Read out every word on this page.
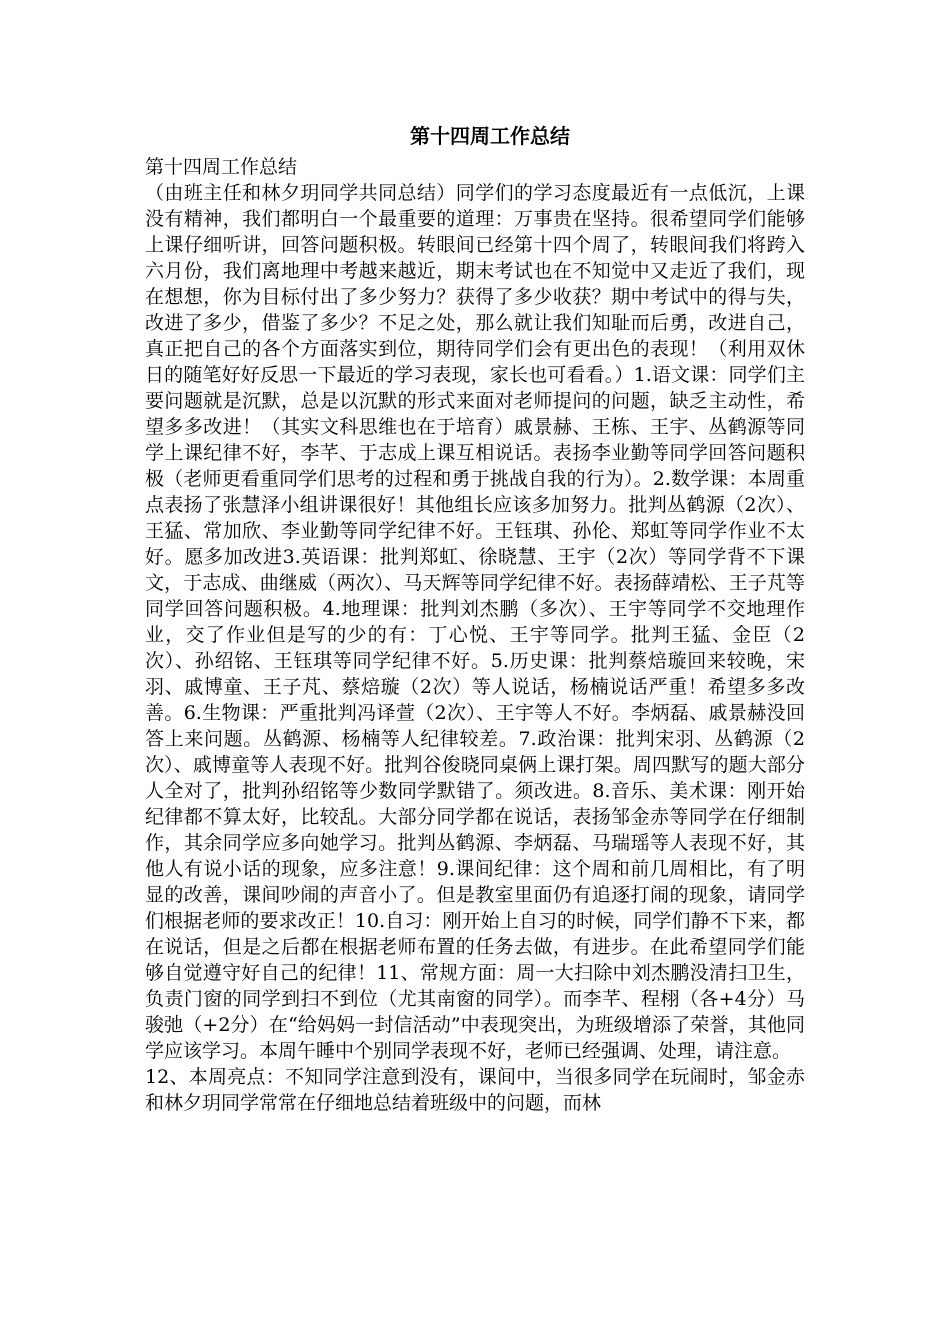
第十四周工作总结

第十四周工作总结

（由班主任和林夕玥同学共同总结）同学们的学习态度最近有一点低沉，上课没有精神，我们都明白一个最重要的道理：万事贵在坚持。很希望同学们能够上课仔细听讲，回答问题积极。转眼间已经第十四个周了，转眼间我们将跨入六月份，我们离地理中考越来越近，期末考试也在不知觉中又走近了我们，现在想想，你为目标付出了多少努力？获得了多少收获？期中考试中的得与失，改进了多少，借鉴了多少？不足之处，那么就让我们知耻而后勇，改进自己，真正把自己的各个方面落实到位，期待同学们会有更出色的表现！（利用双休日的随笔好好反思一下最近的学习表现，家长也可看看。）1.语文课：同学们主要问题就是沉默，总是以沉默的形式来面对老师提问的问题，缺乏主动性，希望多多改进！（其实文科思维也在于培育）戚景赫、王栋、王宇、丛鹤源等同学上课纪律不好，李芊、于志成上课互相说话。表扬李业勤等同学回答问题积极（老师更看重同学们思考的过程和勇于挑战自我的行为）。2.数学课：本周重点表扬了张慧泽小组讲课很好！其他组长应该多加努力。批判丛鹤源（2次）、王猛、常加欣、李业勤等同学纪律不好。王钰琪、孙伦、郑虹等同学作业不太好。愿多加改进3.英语课：批判郑虹、徐晓慧、王宇（2次）等同学背不下课文，于志成、曲继威（两次）、马天辉等同学纪律不好。表扬薛靖松、王子芃等同学回答问题积极。4.地理课：批判刘杰鹏（多次）、王宇等同学不交地理作业，交了作业但是写的少的有：丁心悦、王宇等同学。批判王猛、金臣（2次）、孙绍铭、王钰琪等同学纪律不好。5.历史课：批判蔡焙璇回来较晚，宋羽、戚博童、王子芃、蔡焙璇（2次）等人说话，杨楠说话严重！希望多多改善。6.生物课：严重批判冯译萱（2次）、王宇等人不好。李炳磊、戚景赫没回答上来问题。丛鹤源、杨楠等人纪律较差。7.政治课：批判宋羽、丛鹤源（2次）、戚博童等人表现不好。批判谷俊晓同桌俩上课打架。周四默写的题大部分人全对了，批判孙绍铭等少数同学默错了。须改进。8.音乐、美术课：刚开始纪律都不算太好，比较乱。大部分同学都在说话，表扬邹金赤等同学在仔细制作，其余同学应多向她学习。批判丛鹤源、李炳磊、马瑞瑶等人表现不好，其他人有说小话的现象，应多注意！9.课间纪律：这个周和前几周相比，有了明显的改善，课间吵闹的声音小了。但是教室里面仍有追逐打闹的现象，请同学们根据老师的要求改正！10.自习：刚开始上自习的时候，同学们静不下来，都在说话，但是之后都在根据老师布置的任务去做，有进步。在此希望同学们能够自觉遵守好自己的纪律！11、常规方面：周一大扫除中刘杰鹏没清扫卫生，负责门窗的同学到扫不到位（尤其南窗的同学）。而李芊、程栩（各+4分）马骏弛（+2分）在“给妈妈一封信活动”中表现突出，为班级增添了荣誉，其他同学应该学习。本周午睡中个别同学表现不好，老师已经强调、处理，请注意。

12、本周亮点：不知同学注意到没有，课间中，当很多同学在玩闹时，邹金赤和林夕玥同学常常在仔细地总结着班级中的问题，而林
